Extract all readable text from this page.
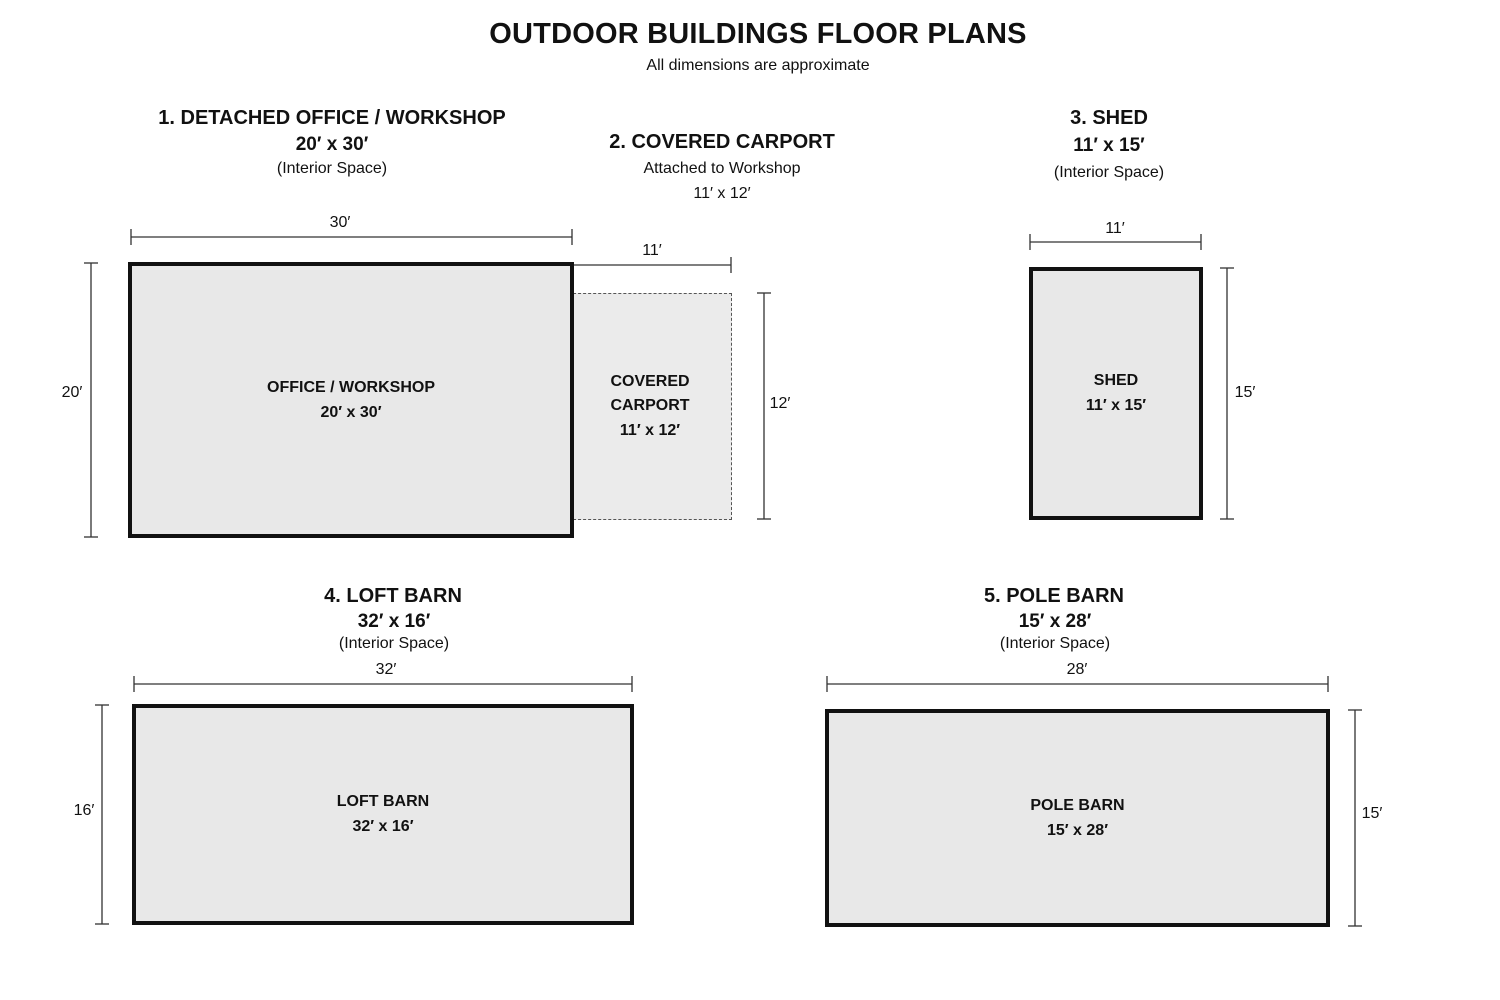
OUTDOOR BUILDINGS FLOOR PLANS
All dimensions are approximate
1. DETACHED OFFICE / WORKSHOP
20′ x 30′
(Interior Space)
2. COVERED CARPORT
Attached to Workshop
11′ x 12′
3. SHED
11′ x 15′
(Interior Space)
4. LOFT BARN
32′ x 16′
(Interior Space)
5. POLE BARN
15′ x 28′
(Interior Space)
30′
20′
11′
12′
11′
15′
32′
16′
28′
15′
COVERED CARPORT
11′ x 12′
OFFICE / WORKSHOP
20′ x 30′
SHED
11′ x 15′
LOFT BARN
32′ x 16′
POLE BARN
15′ x 28′
